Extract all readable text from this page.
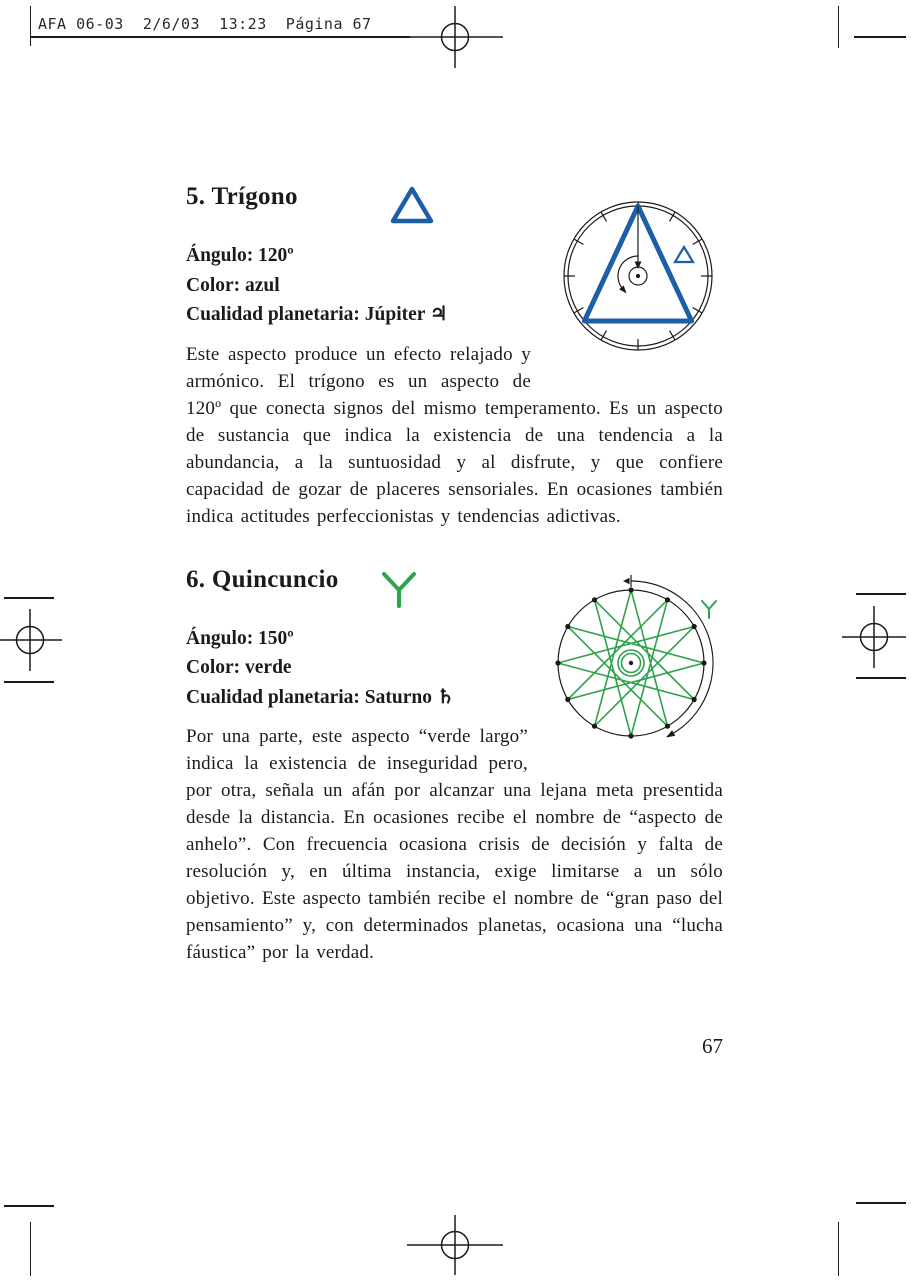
AFA 06-03  2/6/03  13:23  Página 67
5. Trígono

Ángulo: 120º

Color: azul

Cualidad planetaria: Júpiter ♃

Este aspecto produce un efecto relajado y armónico. El trígono es un aspecto de 120º que conecta signos del mismo temperamento. Es un aspecto de sustancia que indica la existencia de una tendencia a la abundancia, a la suntuosidad y al disfrute, y que confiere capacidad de gozar de placeres sensoriales. En ocasiones también indica actitudes perfeccionistas y tendencias adictivas.

6. Quincuncio

Ángulo: 150º

Color: verde

Cualidad planetaria: Saturno ♄

Por una parte, este aspecto “verde largo” indica la existencia de inseguridad pero, por otra, señala un afán por alcanzar una lejana meta presentida desde la distancia. En ocasiones recibe el nombre de “aspecto de anhelo”. Con frecuencia ocasiona crisis de decisión y falta de resolución y, en última instancia, exige limitarse a un sólo objetivo. Este aspecto también recibe el nombre de “gran paso del pensamiento” y, con determinados planetas, ocasiona una “lucha fáustica” por la verdad.

67
